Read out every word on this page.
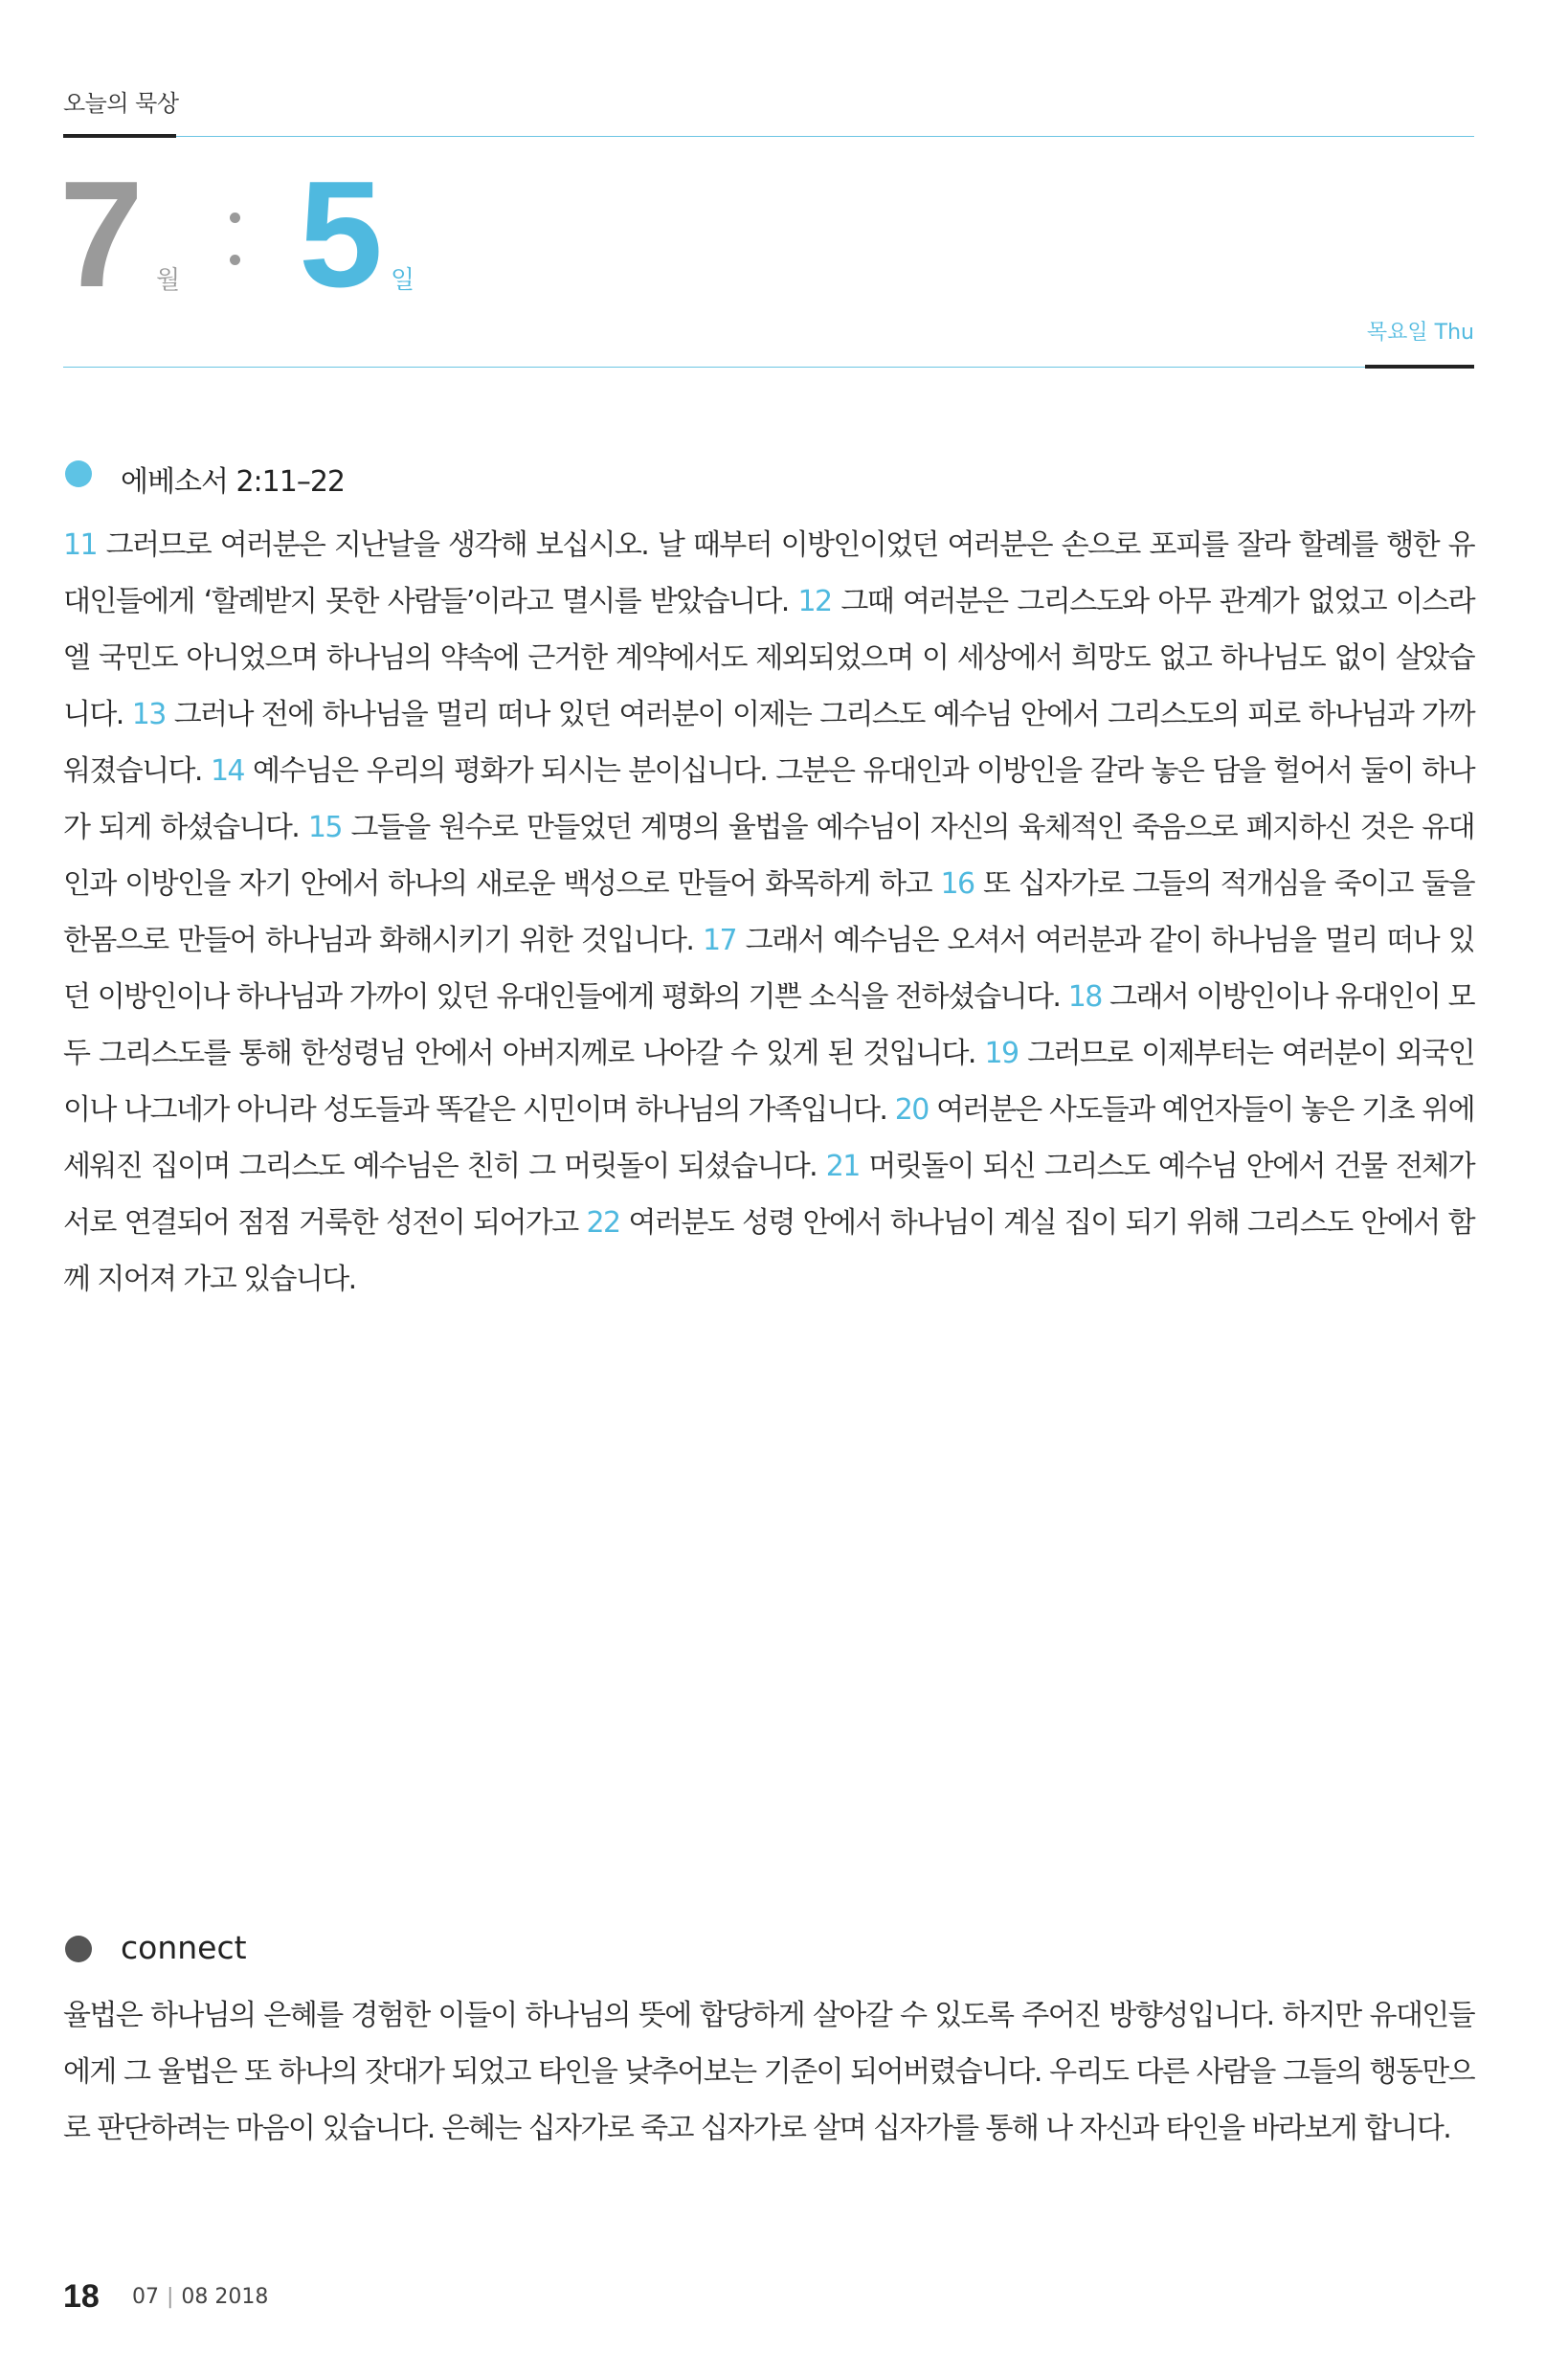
오늘의 묵상
7 월 5 일
목요일 Thu
에베소서 2:11–22

11 그러므로 여러분은 지난날을 생각해 보십시오. 날 때부터 이방인이었던 여러분은 손으로 포피를 잘라 할례를 행한 유대인들에게 ‘할례받지 못한 사람들’이라고 멸시를 받았습니다. 12 그때 여러분은 그리스도와 아무 관계가 없었고 이스라엘 국민도 아니었으며 하나님의 약속에 근거한 계약에서도 제외되었으며 이 세상에서 희망도 없고 하나님도 없이 살았습니다. 13 그러나 전에 하나님을 멀리 떠나 있던 여러분이 이제는 그리스도 예수님 안에서 그리스도의 피로 하나님과 가까워졌습니다. 14 예수님은 우리의 평화가 되시는 분이십니다. 그분은 유대인과 이방인을 갈라 놓은 담을 헐어서 둘이 하나가 되게 하셨습니다. 15 그들을 원수로 만들었던 계명의 율법을 예수님이 자신의 육체적인 죽음으로 폐지하신 것은 유대인과 이방인을 자기 안에서 하나의 새로운 백성으로 만들어 화목하게 하고 16 또 십자가로 그들의 적개심을 죽이고 둘을 한몸으로 만들어 하나님과 화해시키기 위한 것입니다. 17 그래서 예수님은 오셔서 여러분과 같이 하나님을 멀리 떠나 있던 이방인이나 하나님과 가까이 있던 유대인들에게 평화의 기쁜 소식을 전하셨습니다. 18 그래서 이방인이나 유대인이 모두 그리스도를 통해 한성령님 안에서 아버지께로 나아갈 수 있게 된 것입니다. 19 그러므로 이제부터는 여러분이 외국인이나 나그네가 아니라 성도들과 똑같은 시민이며 하나님의 가족입니다. 20 여러분은 사도들과 예언자들이 놓은 기초 위에 세워진 집이며 그리스도 예수님은 친히 그 머릿돌이 되셨습니다. 21 머릿돌이 되신 그리스도 예수님 안에서 건물 전체가 서로 연결되어 점점 거룩한 성전이 되어가고 22 여러분도 성령 안에서 하나님이 계실 집이 되기 위해 그리스도 안에서 함께 지어져 가고 있습니다.

connect

율법은 하나님의 은혜를 경험한 이들이 하나님의 뜻에 합당하게 살아갈 수 있도록 주어진 방향성입니다. 하지만 유대인들에게 그 율법은 또 하나의 잣대가 되었고 타인을 낮추어보는 기준이 되어버렸습니다. 우리도 다른 사람을 그들의 행동만으로 판단하려는 마음이 있습니다. 은혜는 십자가로 죽고 십자가로 살며 십자가를 통해 나 자신과 타인을 바라보게 합니다.

18 07 | 08 2018
